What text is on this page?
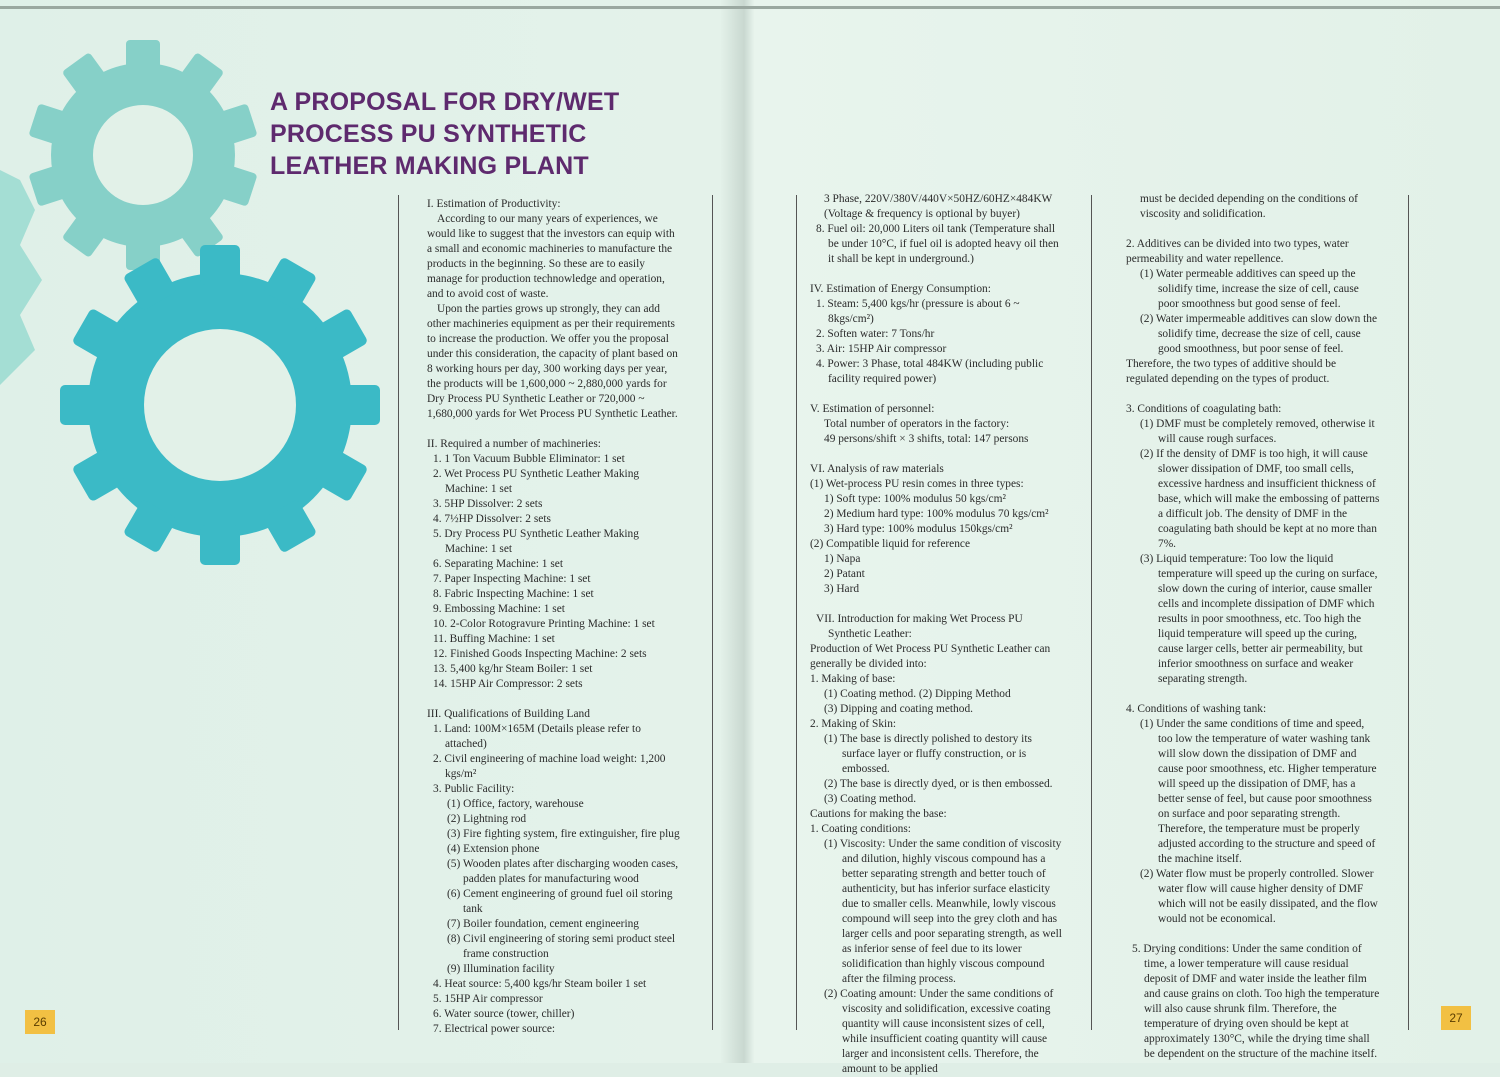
A PROPOSAL FOR DRY/WET
PROCESS PU SYNTHETIC
LEATHER MAKING PLANT

I. Estimation of Productivity:

According to our many years of experiences, we would like to suggest that the investors can equip with a small and economic machineries to manufacture the products in the beginning. So these are to easily manage for production technowledge and operation, and to avoid cost of waste.

Upon the parties grows up strongly, they can add other machineries equipment as per their requirements to increase the production. We offer you the proposal under this consideration, the capacity of plant based on 8 working hours per day, 300 working days per year, the products will be 1,600,000 ~ 2,880,000 yards for Dry Process PU Synthetic Leather or 720,000 ~ 1,680,000 yards for Wet Process PU Synthetic Leather.

II. Required a number of machineries:

1. 1 Ton Vacuum Bubble Eliminator: 1 set

2. Wet Process PU Synthetic Leather Making Machine: 1 set

3. 5HP Dissolver: 2 sets

4. 7½HP Dissolver: 2 sets

5. Dry Process PU Synthetic Leather Making Machine: 1 set

6. Separating Machine: 1 set

7. Paper Inspecting Machine: 1 set

8. Fabric Inspecting Machine: 1 set

9. Embossing Machine: 1 set

10. 2-Color Rotogravure Printing Machine: 1 set

11. Buffing Machine: 1 set

12. Finished Goods Inspecting Machine: 2 sets

13. 5,400 kg/hr Steam Boiler: 1 set

14. 15HP Air Compressor: 2 sets

III. Qualifications of Building Land

1. Land: 100M×165M (Details please refer to attached)

2. Civil engineering of machine load weight: 1,200 kgs/m²

3. Public Facility:

(1) Office, factory, warehouse

(2) Lightning rod

(3) Fire fighting system, fire extinguisher, fire plug

(4) Extension phone

(5) Wooden plates after discharging wooden cases, padden plates for manufacturing wood

(6) Cement engineering of ground fuel oil storing tank

(7) Boiler foundation, cement engineering

(8) Civil engineering of storing semi product steel frame construction

(9) Illumination facility

4. Heat source: 5,400 kgs/hr Steam boiler 1 set

5. 15HP Air compressor

6. Water source (tower, chiller)

7. Electrical power source:

3 Phase, 220V/380V/440V×50HZ/60HZ×484KW

(Voltage & frequency is optional by buyer)

8. Fuel oil: 20,000 Liters oil tank (Temperature shall be under 10°C, if fuel oil is adopted heavy oil then it shall be kept in underground.)

IV. Estimation of Energy Consumption:

1. Steam: 5,400 kgs/hr (pressure is about 6 ~ 8kgs/cm²)

2. Soften water: 7 Tons/hr

3. Air: 15HP Air compressor

4. Power: 3 Phase, total 484KW (including public facility required power)

V. Estimation of personnel:

Total number of operators in the factory:

49 persons/shift × 3 shifts, total: 147 persons

VI. Analysis of raw materials

(1) Wet-process PU resin comes in three types:

1) Soft type: 100% modulus 50 kgs/cm²

2) Medium hard type: 100% modulus 70 kgs/cm²

3) Hard type: 100% modulus 150kgs/cm²

(2) Compatible liquid for reference

1) Napa

2) Patant

3) Hard

VII. Introduction for making Wet Process PU Synthetic Leather:

Production of Wet Process PU Synthetic Leather can generally be divided into:

1. Making of base:

(1) Coating method. (2) Dipping Method

(3) Dipping and coating method.

2. Making of Skin:

(1) The base is directly polished to destory its surface layer or fluffy construction, or is embossed.

(2) The base is directly dyed, or is then embossed.

(3) Coating method.

Cautions for making the base:

1. Coating conditions:

(1) Viscosity: Under the same condition of viscosity and dilution, highly viscous compound has a better separating strength and better touch of authenticity, but has inferior surface elasticity due to smaller cells. Meanwhile, lowly viscous compound will seep into the grey cloth and has larger cells and poor separating strength, as well as inferior sense of feel due to its lower solidification than highly viscous compound after the filming process.

(2) Coating amount: Under the same conditions of viscosity and solidification, excessive coating quantity will cause inconsistent sizes of cell, while insufficient coating quantity will cause larger and inconsistent cells. Therefore, the amount to be applied

must be decided depending on the conditions of viscosity and solidification.

2. Additives can be divided into two types, water permeability and water repellence.

(1) Water permeable additives can speed up the solidify time, increase the size of cell, cause poor smoothness but good sense of feel.

(2) Water impermeable additives can slow down the solidify time, decrease the size of cell, cause good smoothness, but poor sense of feel.

Therefore, the two types of additive should be regulated depending on the types of product.

3. Conditions of coagulating bath:

(1) DMF must be completely removed, otherwise it will cause rough surfaces.

(2) If the density of DMF is too high, it will cause slower dissipation of DMF, too small cells, excessive hardness and insufficient thickness of base, which will make the embossing of patterns a difficult job. The density of DMF in the coagulating bath should be kept at no more than 7%.

(3) Liquid temperature: Too low the liquid temperature will speed up the curing on surface, slow down the curing of interior, cause smaller cells and incomplete dissipation of DMF which results in poor smoothness, etc. Too high the liquid temperature will speed up the curing, cause larger cells, better air permeability, but inferior smoothness on surface and weaker separating strength.

4. Conditions of washing tank:

(1) Under the same conditions of time and speed, too low the temperature of water washing tank will slow down the dissipation of DMF and cause poor smoothness, etc. Higher temperature will speed up the dissipation of DMF, has a better sense of feel, but cause poor smoothness on surface and poor separating strength. Therefore, the temperature must be properly adjusted according to the structure and speed of the machine itself.

(2) Water flow must be properly controlled. Slower water flow will cause higher density of DMF which will not be easily dissipated, and the flow would not be economical.

5. Drying conditions: Under the same condition of time, a lower temperature will cause residual deposit of DMF and water inside the leather film and cause grains on cloth. Too high the temperature will also cause shrunk film. Therefore, the temperature of drying oven should be kept at approximately 130°C, while the drying time shall be dependent on the structure of the machine itself.

26	27
